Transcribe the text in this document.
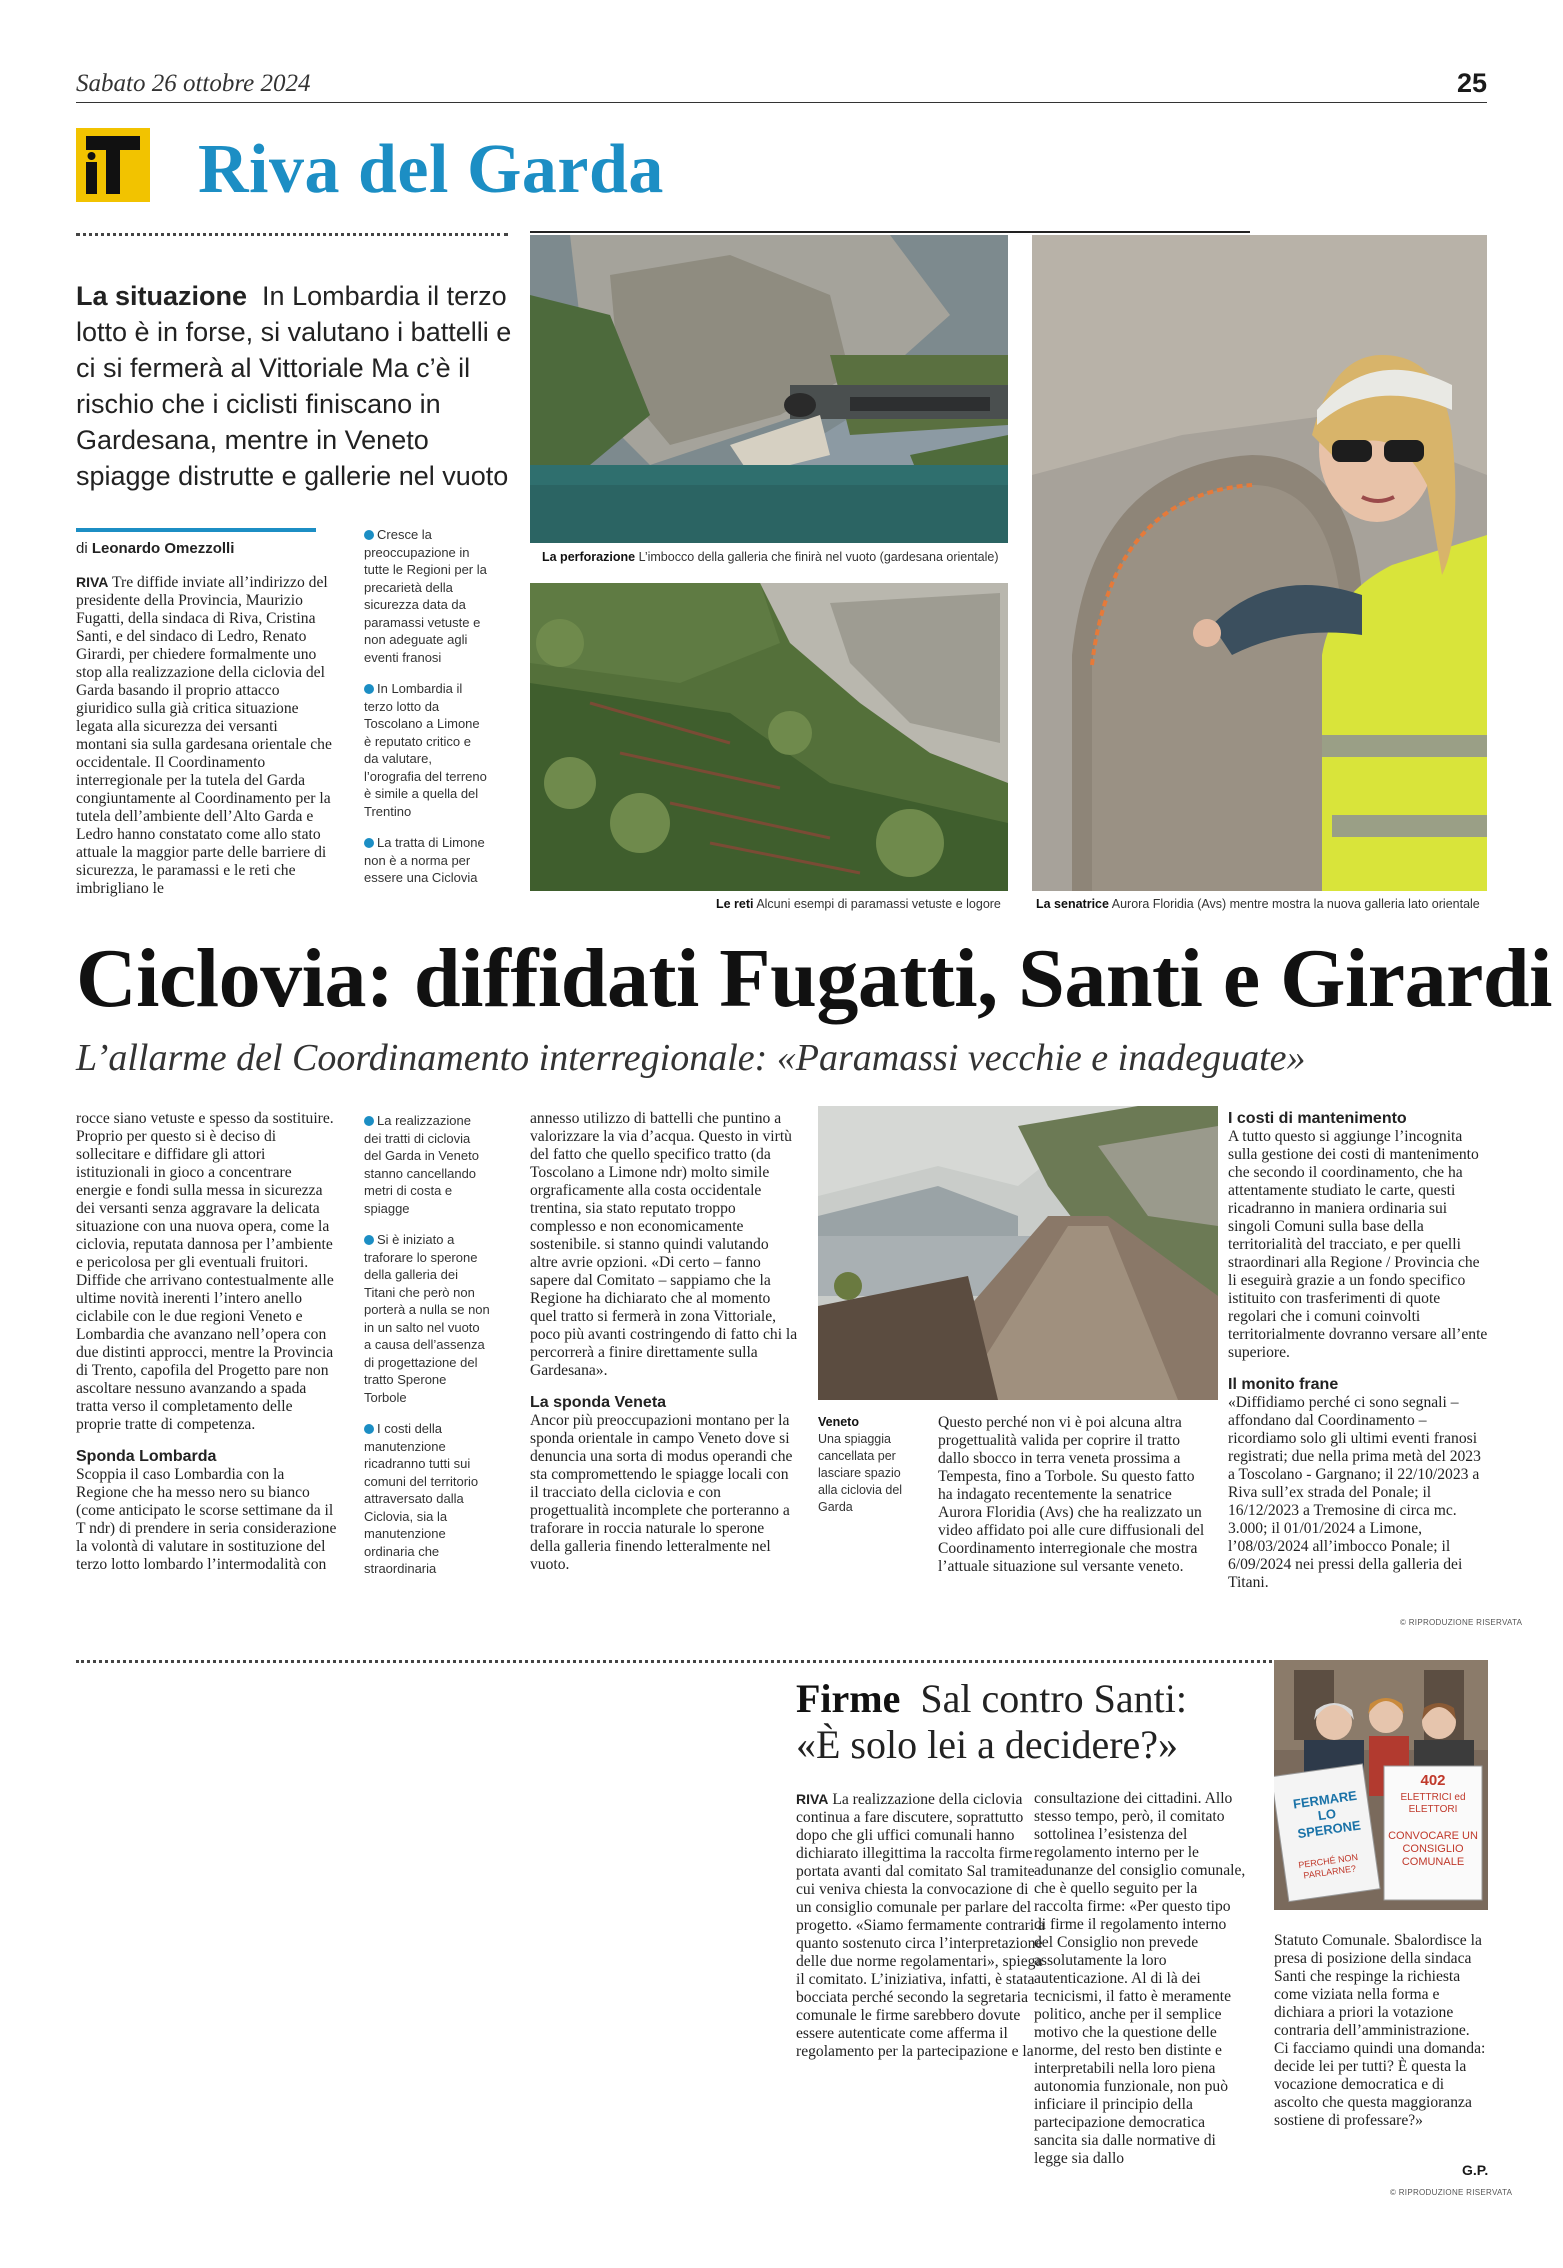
Sabato 26 ottobre 2024	25
Riva del Garda
La situazione In Lombardia il terzo lotto è in forse, si valutano i battelli e ci si fermerà al Vittoriale Ma c’è il rischio che i ciclisti finiscano in Gardesana, mentre in Veneto spiagge distrutte e gallerie nel vuoto
di Leonardo Omezzolli

RIVA Tre diffide inviate all’indirizzo del presidente della Provincia, Maurizio Fugatti, della sindaca di Riva, Cristina Santi, e del sindaco di Ledro, Renato Girardi, per chiedere formalmente uno stop alla realizzazione della ciclovia del Garda basando il proprio attacco giuridico sulla già critica situazione legata alla sicurezza dei versanti montani sia sulla gardesana orientale che occidentale. Il Coordinamento interregionale per la tutela del Garda congiuntamente al Coordinamento per la tutela dell’ambiente dell’Alto Garda e Ledro hanno constatato come allo stato attuale la maggior parte delle barriere di sicurezza, le paramassi e le reti che imbrigliano le

Cresce la preoccupazione in tutte le Regioni per la precarietà della sicurezza data da paramassi vetuste e non adeguate agli eventi franosi
In Lombardia il terzo lotto da Toscolano a Limone è reputato critico e da valutare, l’orografia del terreno è simile a quella del Trentino
La tratta di Limone non è a norma per essere una Ciclovia
La perforazione L’imbocco della galleria che finirà nel vuoto (gardesana orientale)
Le reti Alcuni esempi di paramassi vetuste e logore	La senatrice Aurora Floridia (Avs) mentre mostra la nuova galleria lato orientale
Ciclovia: diffidati Fugatti, Santi e Girardi
L’allarme del Coordinamento interregionale: «Paramassi vecchie e inadeguate»

rocce siano vetuste e spesso da sostituire. Proprio per questo si è deciso di sollecitare e diffidare gli attori istituzionali in gioco a concentrare energie e fondi sulla messa in sicurezza dei versanti senza aggravare la delicata situazione con una nuova opera, come la ciclovia, reputata dannosa per l’ambiente e pericolosa per gli eventuali fruitori. Diffide che arrivano contestualmente alle ultime novità inerenti l’intero anello ciclabile con le due regioni Veneto e Lombardia che avanzano nell’opera con due distinti approcci, mentre la Provincia di Trento, capofila del Progetto pare non ascoltare nessuno avanzando a spada tratta verso il completamento delle proprie tratte di competenza.

Sponda Lombarda

Scoppia il caso Lombardia con la Regione che ha messo nero su bianco (come anticipato le scorse settimane da il T ndr) di prendere in seria considerazione la volontà di valutare in sostituzione del terzo lotto lombardo l’intermodalità con

La realizzazione dei tratti di ciclovia del Garda in Veneto stanno cancellando metri di costa e spiagge
Si è iniziato a traforare lo sperone della galleria dei Titani che però non porterà a nulla se non in un salto nel vuoto a causa dell’assenza di progettazione del tratto Sperone Torbole
I costi della manutenzione ricadranno tutti sui comuni del territorio attraversato dalla Ciclovia, sia la manutenzione ordinaria che straordinaria

annesso utilizzo di battelli che puntino a valorizzare la via d’acqua. Questo in virtù del fatto che quello specifico tratto (da Toscolano a Limone ndr) molto simile orgraficamente alla costa occidentale trentina, sia stato reputato troppo complesso e non economicamente sostenibile. si stanno quindi valutando altre avrie opzioni. «Di certo – fanno sapere dal Comitato – sappiamo che la Regione ha dichiarato che al momento quel tratto si fermerà in zona Vittoriale, poco più avanti costringendo di fatto chi la percorrerà a finire direttamente sulla Gardesana».

La sponda Veneta

Ancor più preoccupazioni montano per la sponda orientale in campo Veneto dove si denuncia una sorta di modus operandi che sta compromettendo le spiagge locali con il tracciato della ciclovia e con progettualità incomplete che porteranno a traforare in roccia naturale lo sperone della galleria finendo letteralmente nel vuoto.

Veneto
Una spiaggia cancellata per lasciare spazio alla ciclovia del Garda

Questo perché non vi è poi alcuna altra progettualità valida per coprire il tratto dallo sbocco in terra veneta prossima a Tempesta, fino a Torbole. Su questo fatto ha indagato recentemente la senatrice Aurora Floridia (Avs) che ha realizzato un video affidato poi alle cure diffusionali del Coordinamento interregionale che mostra l’attuale situazione sul versante veneto.

I costi di mantenimento

A tutto questo si aggiunge l’incognita sulla gestione dei costi di mantenimento che secondo il coordinamento, che ha attentamente studiato le carte, questi ricadranno in maniera ordinaria sui singoli Comuni sulla base della territorialità del tracciato, e per quelli straordinari alla Regione / Provincia che li eseguirà grazie a un fondo specifico istituito con trasferimenti di quote regolari che i comuni coinvolti territorialmente dovranno versare all’ente superiore.

Il monito frane

«Diffidiamo perché ci sono segnali – affondano dal Coordinamento – ricordiamo solo gli ultimi eventi franosi registrati; due nella prima metà del 2023 a Toscolano - Gargnano; il 22/10/2023 a Riva sull’ex strada del Ponale; il 16/12/2023 a Tremosine di circa mc. 3.000; il 01/01/2024 a Limone, l’08/03/2024 all’imbocco Ponale; il 6/09/2024 nei pressi della galleria dei Titani.

© RIPRODUZIONE RISERVATA
Firme Sal contro Santi:
«È solo lei a decidere?»

RIVA La realizzazione della ciclovia continua a fare discutere, soprattutto dopo che gli uffici comunali hanno dichiarato illegittima la raccolta firme portata avanti dal comitato Sal tramite cui veniva chiesta la convocazione di un consiglio comunale per parlare del progetto. «Siamo fermamente contrari a quanto sostenuto circa l’interpretazione delle due norme regolamentari», spiega il comitato. L’iniziativa, infatti, è stata bocciata perché secondo la segretaria comunale le firme sarebbero dovute essere autenticate come afferma il regolamento per la partecipazione e la

consultazione dei cittadini. Allo stesso tempo, però, il comitato sottolinea l’esistenza del regolamento interno per le adunanze del consiglio comunale, che è quello seguito per la raccolta firme: «Per questo tipo di firme il regolamento interno del Consiglio non prevede assolutamente la loro autenticazione. Al di là dei tecnicismi, il fatto è meramente politico, anche per il semplice motivo che la questione delle norme, del resto ben distinte e interpretabili nella loro piena autonomia funzionale, non può inficiare il principio della partecipazione democratica sancita sia dalle normative di legge sia dallo

Statuto Comunale. Sbalordisce la presa di posizione della sindaca Santi che respinge la richiesta come viziata nella forma e dichiara a priori la votazione contraria dell’amministrazione. Ci facciamo quindi una domanda: decide lei per tutti? È questa la vocazione democratica e di ascolto che questa maggioranza sostiene di professare?»

G.P.
© RIPRODUZIONE RISERVATA
FERMARE LO SPERONE
PERCHÉ NON PARLARNE?
402
ELETTRICI ed ELETTORI
CONVOCARE UN CONSIGLIO COMUNALE
